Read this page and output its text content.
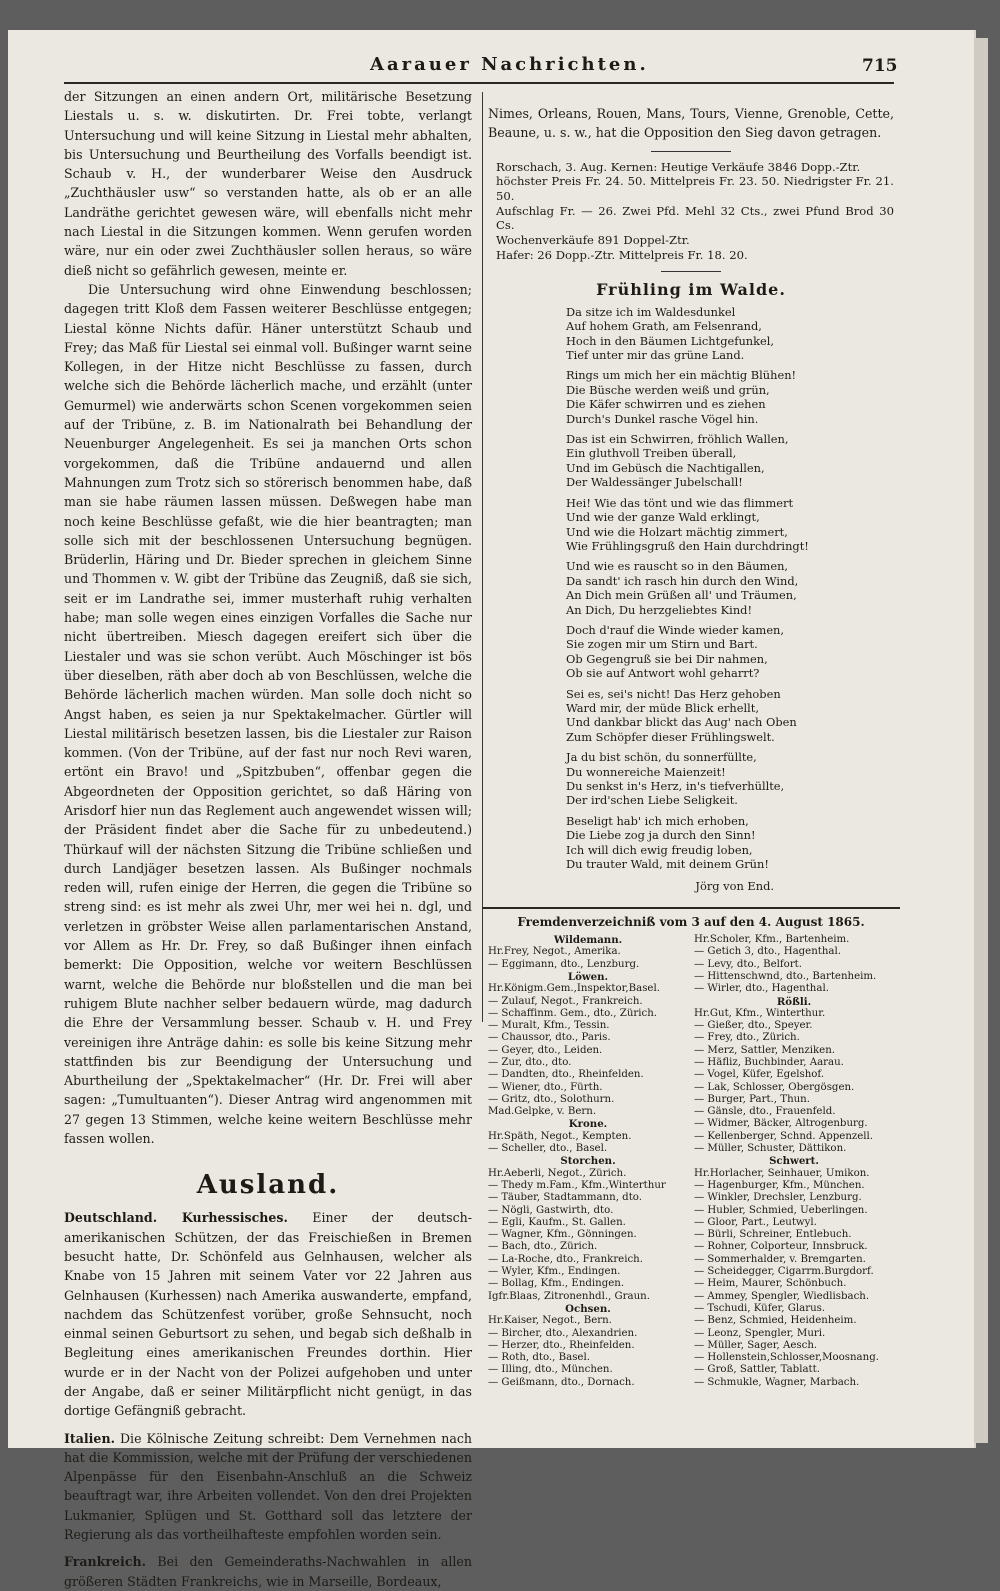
Aarauer Nachrichten.	715

der Sitzungen an einen andern Ort, militärische Besetzung Liestals u. s. w. diskutirten. Dr. Frei tobte, verlangt Untersuchung und will keine Sitzung in Liestal mehr abhalten, bis Untersuchung und Beurtheilung des Vorfalls beendigt ist. Schaub v. H., der wunderbarer Weise den Ausdruck „Zuchthäusler usw“ so verstanden hatte, als ob er an alle Landräthe gerichtet gewesen wäre, will ebenfalls nicht mehr nach Liestal in die Sitzungen kommen. Wenn gerufen worden wäre, nur ein oder zwei Zuchthäusler sollen heraus, so wäre dieß nicht so gefährlich gewesen, meinte er.

Die Untersuchung wird ohne Einwendung beschlossen; dagegen tritt Kloß dem Fassen weiterer Beschlüsse entgegen; Liestal könne Nichts dafür. Häner unterstützt Schaub und Frey; das Maß für Liestal sei einmal voll. Bußinger warnt seine Kollegen, in der Hitze nicht Beschlüsse zu fassen, durch welche sich die Behörde lächerlich mache, und erzählt (unter Gemurmel) wie anderwärts schon Scenen vorgekommen seien auf der Tribüne, z. B. im Nationalrath bei Behandlung der Neuenburger Angelegenheit. Es sei ja manchen Orts schon vorgekommen, daß die Tribüne andauernd und allen Mahnungen zum Trotz sich so störerisch benommen habe, daß man sie habe räumen lassen müssen. Deßwegen habe man noch keine Beschlüsse gefaßt, wie die hier beantragten; man solle sich mit der beschlossenen Untersuchung begnügen. Brüderlin, Häring und Dr. Bieder sprechen in gleichem Sinne und Thommen v. W. gibt der Tribüne das Zeugniß, daß sie sich, seit er im Landrathe sei, immer musterhaft ruhig verhalten habe; man solle wegen eines einzigen Vorfalles die Sache nur nicht übertreiben. Miesch dagegen ereifert sich über die Liestaler und was sie schon verübt. Auch Möschinger ist bös über dieselben, räth aber doch ab von Beschlüssen, welche die Behörde lächerlich machen würden. Man solle doch nicht so Angst haben, es seien ja nur Spektakelmacher. Gürtler will Liestal militärisch besetzen lassen, bis die Liestaler zur Raison kommen. (Von der Tribüne, auf der fast nur noch Revi waren, ertönt ein Bravo! und „Spitzbuben“, offenbar gegen die Abgeordneten der Opposition gerichtet, so daß Häring von Arisdorf hier nun das Reglement auch angewendet wissen will; der Präsident findet aber die Sache für zu unbedeutend.) Thürkauf will der nächsten Sitzung die Tribüne schließen und durch Landjäger besetzen lassen. Als Bußinger nochmals reden will, rufen einige der Herren, die gegen die Tribüne so streng sind: es ist mehr als zwei Uhr, mer wei hei n. dgl, und verletzen in gröbster Weise allen parlamentarischen Anstand, vor Allem as Hr. Dr. Frey, so daß Bußinger ihnen einfach bemerkt: Die Opposition, welche vor weitern Beschlüssen warnt, welche die Behörde nur bloßstellen und die man bei ruhigem Blute nachher selber bedauern würde, mag dadurch die Ehre der Versammlung besser. Schaub v. H. und Frey vereinigen ihre Anträge dahin: es solle bis keine Sitzung mehr stattfinden bis zur Beendigung der Untersuchung und Aburtheilung der „Spektakelmacher“ (Hr. Dr. Frei will aber sagen: „Tumultuanten“). Dieser Antrag wird angenommen mit 27 gegen 13 Stimmen, welche keine weitern Beschlüsse mehr fassen wollen.

Ausland.

Deutschland. Kurhessisches. Einer der deutsch-amerikanischen Schützen, der das Freischießen in Bremen besucht hatte, Dr. Schönfeld aus Gelnhausen, welcher als Knabe von 15 Jahren mit seinem Vater vor 22 Jahren aus Gelnhausen (Kurhessen) nach Amerika auswanderte, empfand, nachdem das Schützenfest vorüber, große Sehnsucht, noch einmal seinen Geburtsort zu sehen, und begab sich deßhalb in Begleitung eines amerikanischen Freundes dorthin. Hier wurde er in der Nacht von der Polizei aufgehoben und unter der Angabe, daß er seiner Militärpflicht nicht genügt, in das dortige Gefängniß gebracht.

Italien. Die Kölnische Zeitung schreibt: Dem Vernehmen nach hat die Kommission, welche mit der Prüfung der verschiedenen Alpenpässe für den Eisenbahn-Anschluß an die Schweiz beauftragt war, ihre Arbeiten vollendet. Von den drei Projekten Lukmanier, Splügen und St. Gotthard soll das letztere der Regierung als das vortheilhafteste empfohlen worden sein.

Frankreich. Bei den Gemeinderaths-Nachwahlen in allen größeren Städten Frankreichs, wie in Marseille, Bordeaux,

Nimes, Orleans, Rouen, Mans, Tours, Vienne, Grenoble, Cette, Beaune, u. s. w., hat die Opposition den Sieg davon getragen.

Rorschach, 3. Aug. Kernen: Heutige Verkäufe 3846 Dopp.-Ztr.

höchster Preis Fr. 24. 50. Mittelpreis Fr. 23. 50. Niedrigster Fr. 21. 50.

Aufschlag Fr. — 26. Zwei Pfd. Mehl 32 Cts., zwei Pfund Brod 30 Cs.

Wochenverkäufe 891 Doppel-Ztr.

Hafer: 26 Dopp.-Ztr. Mittelpreis Fr. 18. 20.

Frühling im Walde.
Da sitze ich im Waldesdunkel
Auf hohem Grath, am Felsenrand,
Hoch in den Bäumen Lichtgefunkel,
Tief unter mir das grüne Land.
Rings um mich her ein mächtig Blühen!
Die Büsche werden weiß und grün,
Die Käfer schwirren und es ziehen
Durch's Dunkel rasche Vögel hin.
Das ist ein Schwirren, fröhlich Wallen,
Ein gluthvoll Treiben überall,
Und im Gebüsch die Nachtigallen,
Der Waldessänger Jubelschall!
Hei! Wie das tönt und wie das flimmert
Und wie der ganze Wald erklingt,
Und wie die Holzart mächtig zimmert,
Wie Frühlingsgruß den Hain durchdringt!
Und wie es rauscht so in den Bäumen,
Da sandt' ich rasch hin durch den Wind,
An Dich mein Grüßen all' und Träumen,
An Dich, Du herzgeliebtes Kind!
Doch d'rauf die Winde wieder kamen,
Sie zogen mir um Stirn und Bart.
Ob Gegengruß sie bei Dir nahmen,
Ob sie auf Antwort wohl geharrt?
Sei es, sei's nicht! Das Herz gehoben
Ward mir, der müde Blick erhellt,
Und dankbar blickt das Aug' nach Oben
Zum Schöpfer dieser Frühlingswelt.
Ja du bist schön, du sonnerfüllte,
Du wonnereiche Maienzeit!
Du senkst in's Herz, in's tiefverhüllte,
Der ird'schen Liebe Seligkeit.
Beseligt hab' ich mich erhoben,
Die Liebe zog ja durch den Sinn!
Ich will dich ewig freudig loben,
Du trauter Wald, mit deinem Grün!
Jörg von End.
Fremdenverzeichniß vom 3 auf den 4. August 1865.
Wildemann.
Hr.Frey, Negot., Amerika.
— Eggimann, dto., Lenzburg.
Löwen.
Hr.Königm.Gem.,Inspektor,Basel.
— Zulauf, Negot., Frankreich.
— Schaffinm. Gem., dto., Zürich.
— Muralt, Kfm., Tessin.
— Chaussor, dto., Paris.
— Geyer, dto., Leiden.
— Zur, dto., dto.
— Dandten, dto., Rheinfelden.
— Wiener, dto., Fürth.
— Gritz, dto., Solothurn.
Mad.Gelpke, v. Bern.
Krone.
Hr.Späth, Negot., Kempten.
— Scheller, dto., Basel.
Storchen.
Hr.Aeberli, Negot., Zürich.
— Thedy m.Fam., Kfm.,Winterthur
— Täuber, Stadtammann, dto.
— Nögli, Gastwirth, dto.
— Egli, Kaufm., St. Gallen.
— Wagner, Kfm., Gönningen.
— Bach, dto., Zürich.
— La-Roche, dto., Frankreich.
— Wyler, Kfm., Endingen.
— Bollag, Kfm., Endingen.
Igfr.Blaas, Zitronenhdl., Graun.
Ochsen.
Hr.Kaiser, Negot., Bern.
— Bircher, dto., Alexandrien.
— Herzer, dto., Rheinfelden.
— Roth, dto., Basel.
— Illing, dto., München.
— Geißmann, dto., Dornach.
Hr.Scholer, Kfm., Bartenheim.
— Getich 3, dto., Hagenthal.
— Levy, dto., Belfort.
— Hittenschwnd, dto., Bartenheim.
— Wirler, dto., Hagenthal.
Rößli.
Hr.Gut, Kfm., Winterthur.
— Gießer, dto., Speyer.
— Frey, dto., Zürich.
— Merz, Sattler, Menziken.
— Häfliz, Buchbinder, Aarau.
— Vogel, Küfer, Egelshof.
— Lak, Schlosser, Obergösgen.
— Burger, Part., Thun.
— Gänsle, dto., Frauenfeld.
— Widmer, Bäcker, Altrogenburg.
— Kellenberger, Schnd. Appenzell.
— Müller, Schuster, Dättikon.
Schwert.
Hr.Horlacher, Seinhauer, Umikon.
— Hagenburger, Kfm., München.
— Winkler, Drechsler, Lenzburg.
— Hubler, Schmied, Ueberlingen.
— Gloor, Part., Leutwyl.
— Bürli, Schreiner, Entlebuch.
— Rohner, Colporteur, Innsbruck.
— Sommerhalder, v. Bremgarten.
— Scheidegger, Cigarrm.Burgdorf.
— Heim, Maurer, Schönbuch.
— Ammey, Spengler, Wiedlisbach.
— Tschudi, Küfer, Glarus.
— Benz, Schmied, Heidenheim.
— Leonz, Spengler, Muri.
— Müller, Sager, Aesch.
— Hollenstein,Schlosser,Moosnang.
— Groß, Sattler, Tablatt.
— Schmukle, Wagner, Marbach.
